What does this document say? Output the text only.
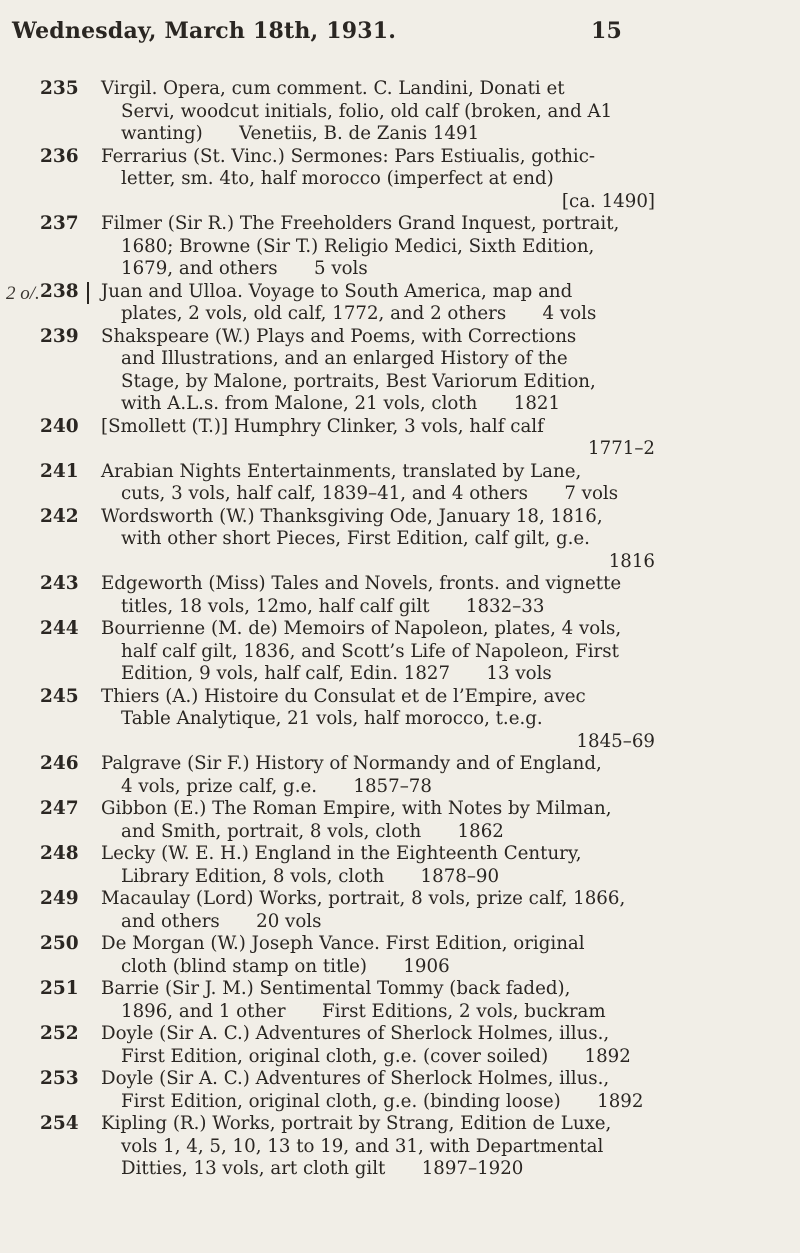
Wednesday, March 18th, 1931.	15
235 Virgil. Opera, cum comment. C. Landini, Donati et
Servi, woodcut initials, folio, old calf (broken, and A1
wanting)  Venetiis, B. de Zanis 1491
236 Ferrarius (St. Vinc.) Sermones: Pars Estiualis, gothic-
letter, sm. 4to, half morocco (imperfect at end)
[ca. 1490]
237 Filmer (Sir R.) The Freeholders Grand Inquest, portrait,
1680; Browne (Sir T.) Religio Medici, Sixth Edition,
1679, and others  5 vols
2 o/. 238 Juan and Ulloa. Voyage to South America, map and
plates, 2 vols, old calf, 1772, and 2 others  4 vols
239 Shakspeare (W.) Plays and Poems, with Corrections
and Illustrations, and an enlarged History of the
Stage, by Malone, portraits, Best Variorum Edition,
with A.L.s. from Malone, 21 vols, cloth  1821
240 [Smollett (T.)] Humphry Clinker, 3 vols, half calf
1771–2
241 Arabian Nights Entertainments, translated by Lane,
cuts, 3 vols, half calf, 1839–41, and 4 others  7 vols
242 Wordsworth (W.) Thanksgiving Ode, January 18, 1816,
with other short Pieces, First Edition, calf gilt, g.e.
1816
243 Edgeworth (Miss) Tales and Novels, fronts. and vignette
titles, 18 vols, 12mo, half calf gilt  1832–33
244 Bourrienne (M. de) Memoirs of Napoleon, plates, 4 vols,
half calf gilt, 1836, and Scott’s Life of Napoleon, First
Edition, 9 vols, half calf, Edin. 1827  13 vols
245 Thiers (A.) Histoire du Consulat et de l’Empire, avec
Table Analytique, 21 vols, half morocco, t.e.g.
1845–69
246 Palgrave (Sir F.) History of Normandy and of England,
4 vols, prize calf, g.e.  1857–78
247 Gibbon (E.) The Roman Empire, with Notes by Milman,
and Smith, portrait, 8 vols, cloth  1862
248 Lecky (W. E. H.) England in the Eighteenth Century,
Library Edition, 8 vols, cloth  1878–90
249 Macaulay (Lord) Works, portrait, 8 vols, prize calf, 1866,
and others  20 vols
250 De Morgan (W.) Joseph Vance. First Edition, original
cloth (blind stamp on title)  1906
251 Barrie (Sir J. M.) Sentimental Tommy (back faded),
1896, and 1 other  First Editions, 2 vols, buckram
252 Doyle (Sir A. C.) Adventures of Sherlock Holmes, illus.,
First Edition, original cloth, g.e. (cover soiled)  1892
253 Doyle (Sir A. C.) Adventures of Sherlock Holmes, illus.,
First Edition, original cloth, g.e. (binding loose)  1892
254 Kipling (R.) Works, portrait by Strang, Edition de Luxe,
vols 1, 4, 5, 10, 13 to 19, and 31, with Departmental
Ditties, 13 vols, art cloth gilt  1897–1920
